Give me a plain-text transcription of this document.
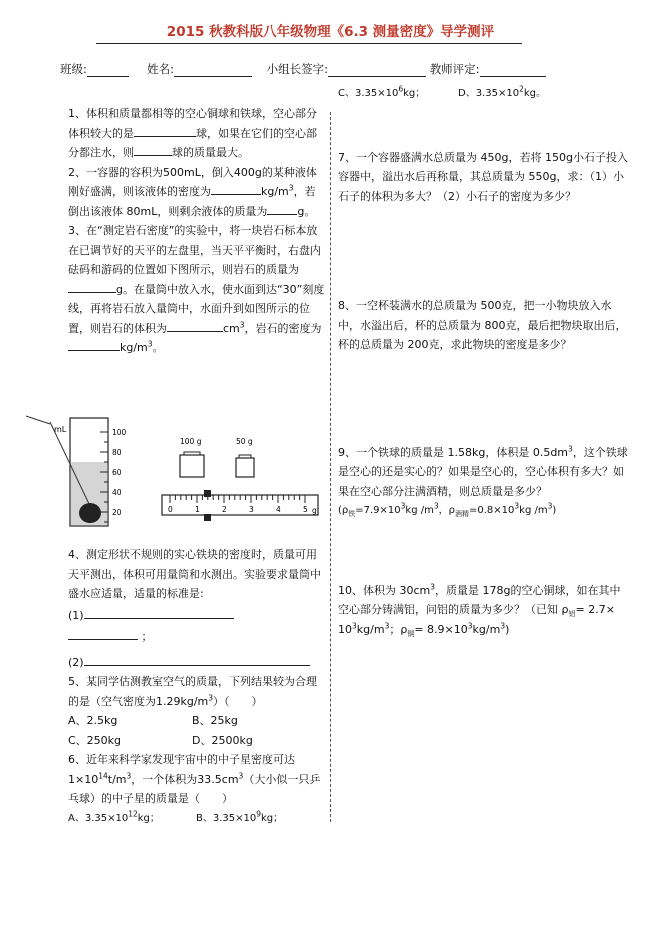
2015 秋教科版八年级物理《6.3 测量密度》导学测评
班级:	姓名:	小组长签字:	教师评定:

1、体积和质量都相等的空心铜球和铁球，空心部分体积较大的是	球，如果在它们的空心部分都注水，则	球的质量最大。

2、一容器的容积为500mL，倒入400g的某种液体刚好盛满，则该液体的密度为	$kg/m^3$，若倒出该液体 80mL，则剩余液体的质量为	g。

3、在“测定岩石密度”的实验中，将一块岩石标本放在已调节好的天平的左盘里，当天平平衡时，右盘内砝码和游码的位置如下图所示，则岩石的质量为g。在量筒中放入水，使水面到达“30”刻度线，再将岩石放入量筒中，水面升到如图所示的位置，则岩石的体积为	$cm^3$，岩石的密度为$kg/m^3$。

mL	100
80
60
40
20
100 g	50 g
0	1	2	3	4	5 g

4、测定形状不规则的实心铁块的密度时，质量可用天平测出，体积可用量筒和水测出。实验要求量筒中盛水应适量，适量的标准是:

(1)

；

(2)

5、某同学估测教室空气的质量，下列结果较为合理的是（空气密度为$1.29kg/m^3$）（　　）

A、2.5kg	B、25kg

C、250kg	D、2500kg

6、近年来科学家发现宇宙中的中子星密度可达$1\times 10^{14}t/m^3$，一个体积为$33.5cm^3$（大小似一只乒乓球）的中子星的质量是（　　）

A、$3.35\times 10^{12}kg$；	B、$3.35\times 10^9kg$；

C、$3.35\times 10^6kg$；	D、$3.35\times 10^2kg$。

7、一个容器盛满水总质量为 450g，若将 150g小石子投入容器中，溢出水后再称量，其总质量为 550g，求：（1）小石子的体积为多大？（2）小石子的密度为多少？

8、一空杯装满水的总质量为 500克，把一小物块放入水中，水溢出后，杯的总质量为 800克，最后把物块取出后，杯的总质量为 200克，求此物块的密度是多少？

9、一个铁球的质量是 1.58kg，体积是 $0.5dm^3$，这个铁球是空心的还是实心的？如果是空心的，空心体积有多大？如果在空心部分注满酒精，则总质量是多少？

($\rho_铁=7.9\times 10^3kg$ $/m^3$，$\rho_{酒精}=0.8\times 10^3kg$ $/m^3$)

10、体积为 $30cm^3$，质量是 178g的空心铜球，如在其中空心部分铸满铝，问铝的质量为多少？（已知 $\rho_铝= 2.7\times 10^3kg/m^3$；$\rho_铜= 8.9\times 10^3kg/m^3$)
